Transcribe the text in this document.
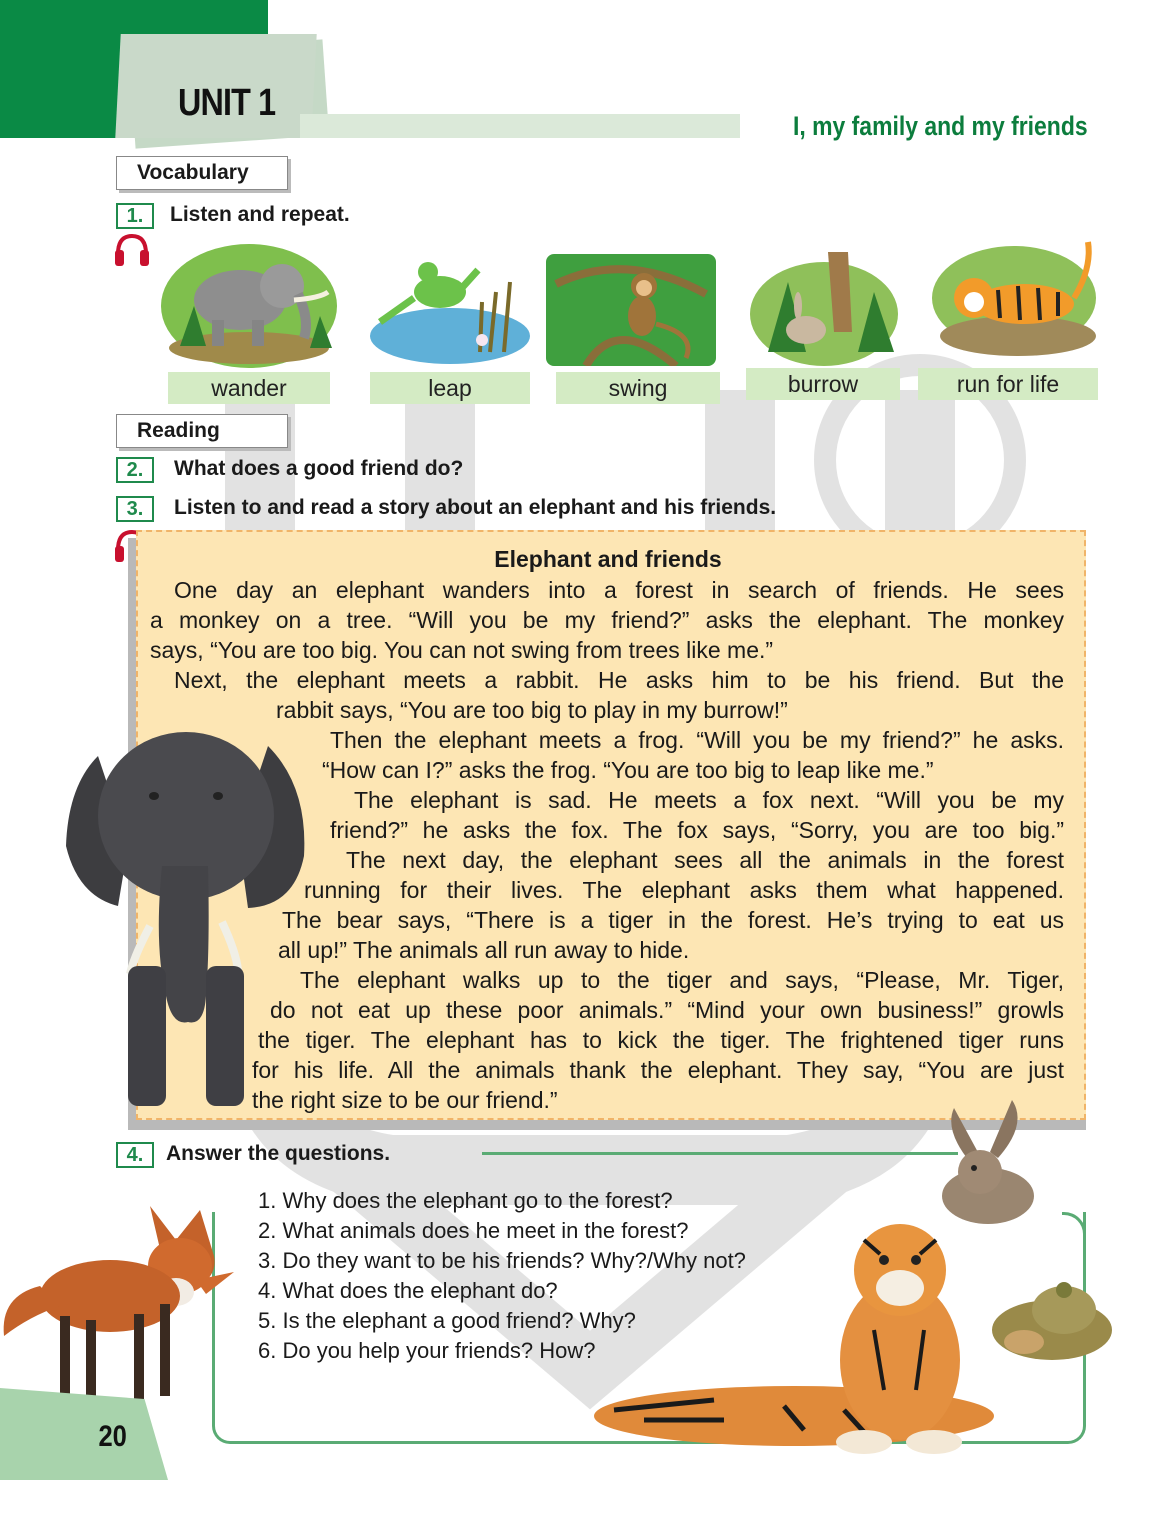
UNIT 1
I, my family and my friends
Vocabulary
1.	Listen and repeat.
wander	leap	swing	burrow	run for life
Reading
2.	What does a good friend do?
3.	Listen to and read a story about an elephant and his friends.
Elephant and friends
One day an elephant wanders into a forest in search of friends. He sees
a monkey on a tree. “Will you be my friend?” asks the elephant. The monkey
says, “You are too big. You can not swing from trees like me.”
Next, the elephant meets a rabbit. He asks him to be his friend. But the
rabbit says, “You are too big to play in my burrow!”
Then the elephant meets a frog. “Will you be my friend?” he asks.
“How can I?” asks the frog. “You are too big to leap like me.”
The elephant is sad. He meets a fox next. “Will you be my
friend?” he asks the fox. The fox says, “Sorry, you are too big.”
The next day, the elephant sees all the animals in the forest
running for their lives. The elephant asks them what happened.
The bear says, “There is a tiger in the forest. He’s trying to eat us
all up!” The animals all run away to hide.
The elephant walks up to the tiger and says, “Please, Mr. Tiger,
do not eat up these poor animals.” “Mind your own business!” growls
the tiger. The elephant has to kick the tiger. The frightened tiger runs
for his life. All the animals thank the elephant. They say, “You are just
the right size to be our friend.”
4.	Answer the questions.
1. Why does the elephant go to the forest?
2. What animals does he meet in the forest?
3. Do they want to be his friends? Why?/Why not?
4. What does the elephant do?
5. Is the elephant a good friend? Why?
6. Do you help your friends? How?
20
